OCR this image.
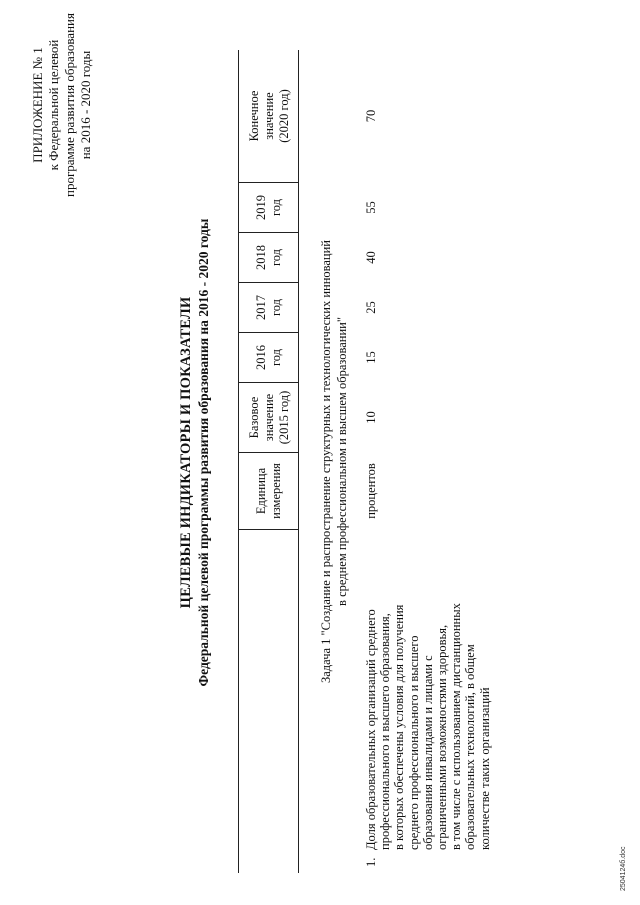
ПРИЛОЖЕНИЕ № 1 к Федеральной целевой программе развития образования на 2016 - 2020 годы
ЦЕЛЕВЫЕ ИНДИКАТОРЫ И ПОКАЗАТЕЛИ Федеральной целевой программы развития образования на 2016 - 2020 годы	Единица измерения
Базовое значение (2015 год)
2016 год
2017 год
2018 год
2019 год
Конечное значение (2020 год)
Задача 1 "Создание и распространение структурных и технологических инноваций в среднем профессиональном и высшем образовании"
1.
Доля образовательных организаций среднего профессионального и высшего образования, в которых обеспечены условия для получения среднего профессионального и высшего образования инвалидами и лицами с ограниченными возможностями здоровья, в том числе с использованием дистанционных образовательных технологий, в общем количестве таких организаций
процентов
10
15
25
40
55
70
2504124б.doc
